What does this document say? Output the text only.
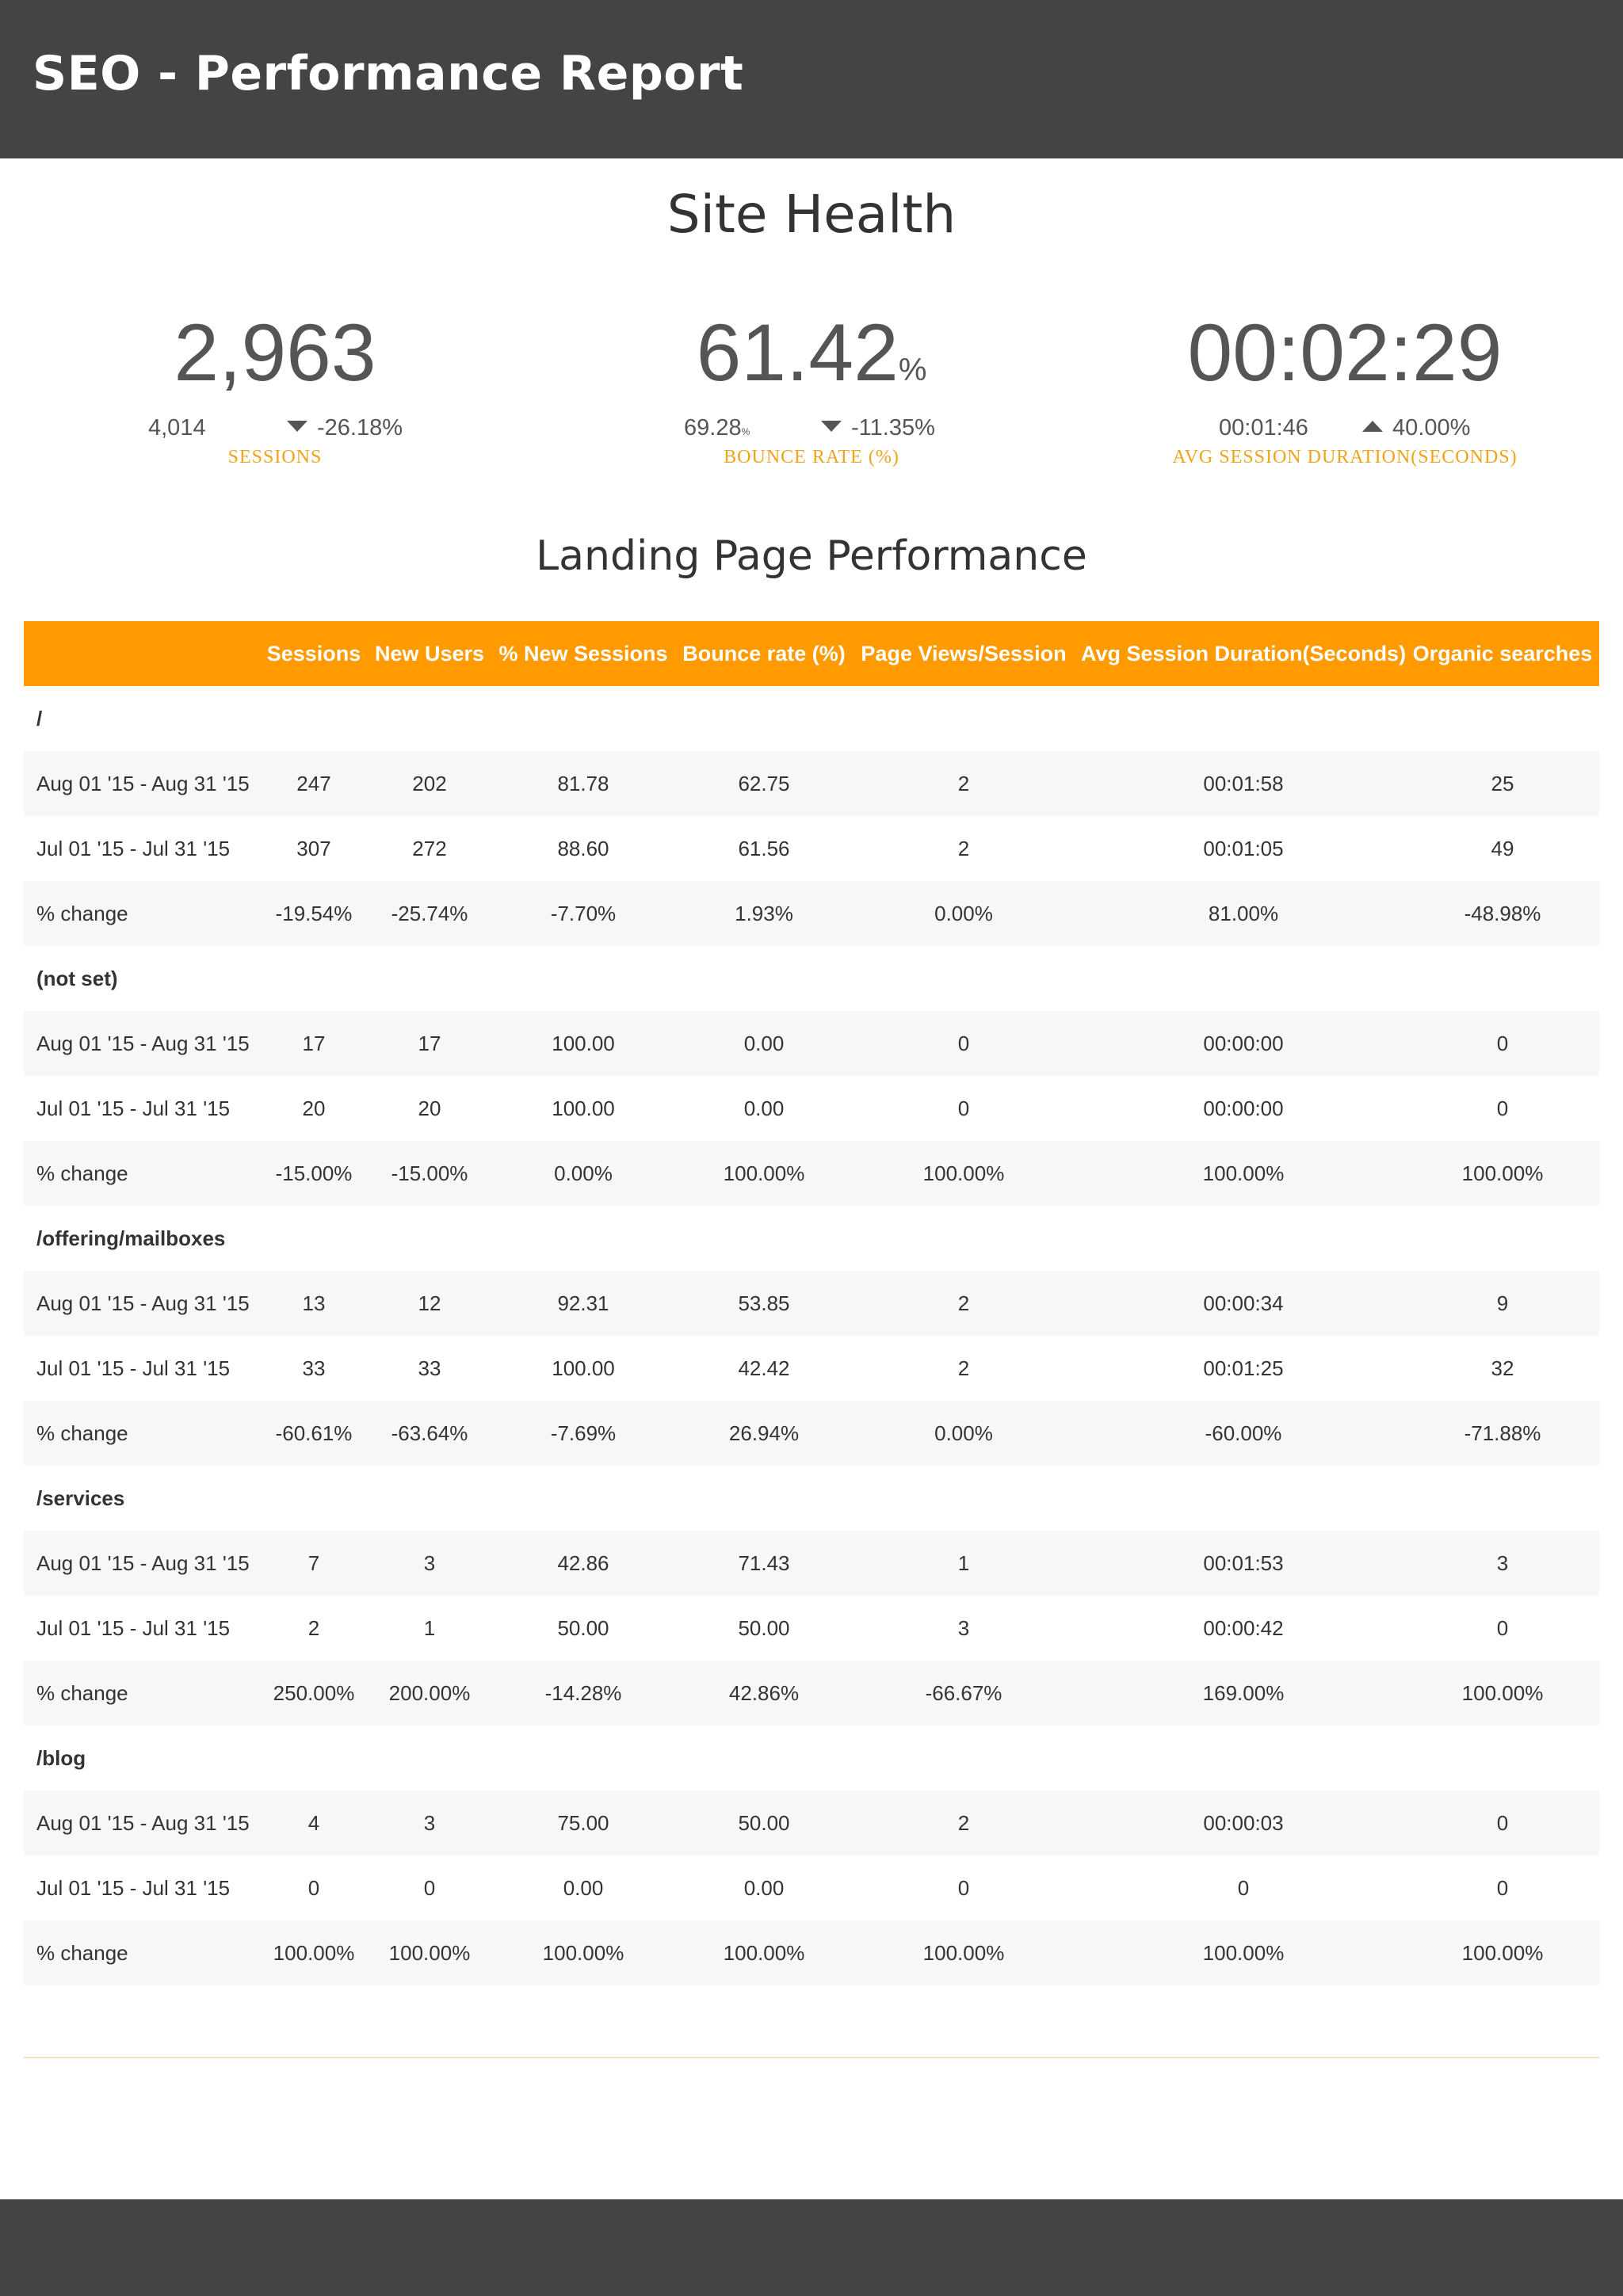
SEO - Performance Report
Site Health
2,963
4,014	-26.18%
SESSIONS
61.42%
69.28%	-11.35%
BOUNCE RATE (%)
00:02:29
00:01:46	40.00%
AVG SESSION DURATION(SECONDS)
Landing Page Performance
	Sessions	New Users	% New Sessions	Bounce rate (%)	Page Views/Session	Avg Session Duration(Seconds)	Organic searches
/							
Aug 01 '15 - Aug 31 '15	247	202	81.78	62.75	2	00:01:58	25
Jul 01 '15 - Jul 31 '15	307	272	88.60	61.56	2	00:01:05	49
% change	-19.54%	-25.74%	-7.70%	1.93%	0.00%	81.00%	-48.98%
(not set)							
Aug 01 '15 - Aug 31 '15	17	17	100.00	0.00	0	00:00:00	0
Jul 01 '15 - Jul 31 '15	20	20	100.00	0.00	0	00:00:00	0
% change	-15.00%	-15.00%	0.00%	100.00%	100.00%	100.00%	100.00%
/offering/mailboxes							
Aug 01 '15 - Aug 31 '15	13	12	92.31	53.85	2	00:00:34	9
Jul 01 '15 - Jul 31 '15	33	33	100.00	42.42	2	00:01:25	32
% change	-60.61%	-63.64%	-7.69%	26.94%	0.00%	-60.00%	-71.88%
/services							
Aug 01 '15 - Aug 31 '15	7	3	42.86	71.43	1	00:01:53	3
Jul 01 '15 - Jul 31 '15	2	1	50.00	50.00	3	00:00:42	0
% change	250.00%	200.00%	-14.28%	42.86%	-66.67%	169.00%	100.00%
/blog							
Aug 01 '15 - Aug 31 '15	4	3	75.00	50.00	2	00:00:03	0
Jul 01 '15 - Jul 31 '15	0	0	0.00	0.00	0	0	0
% change	100.00%	100.00%	100.00%	100.00%	100.00%	100.00%	100.00%
